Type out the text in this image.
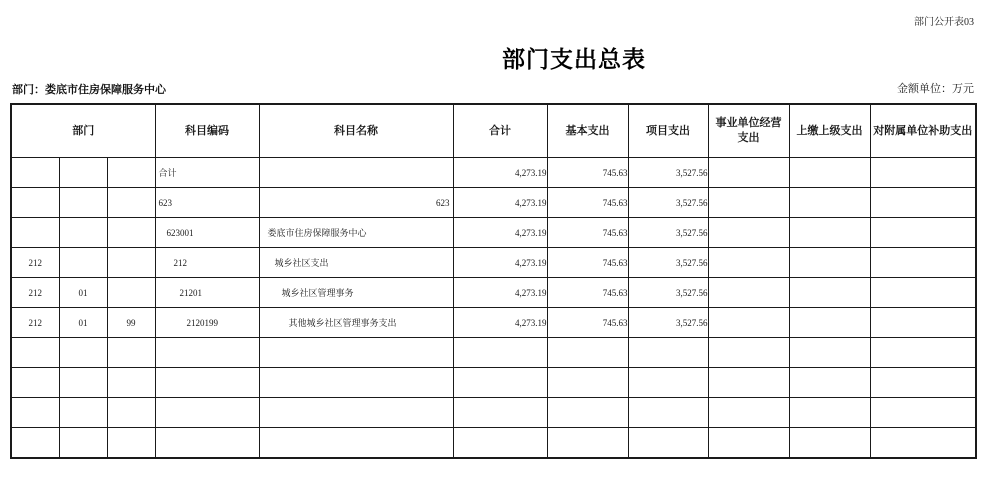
部门公开表03
部门支出总表
部门：娄底市住房保障服务中心	金额单位：万元
部门			科目编码	科目名称	合计	基本支出	项目支出	事业单位经营支出	上缴上级支出	对附属单位补助支出
			合计		4,273.19	745.63	3,527.56			
			623	623	4,273.19	745.63	3,527.56			
			623001	娄底市住房保障服务中心	4,273.19	745.63	3,527.56			
212			212	城乡社区支出	4,273.19	745.63	3,527.56			
212	01		21201	城乡社区管理事务	4,273.19	745.63	3,527.56			
212	01	99	2120199	其他城乡社区管理事务支出	4,273.19	745.63	3,527.56			
